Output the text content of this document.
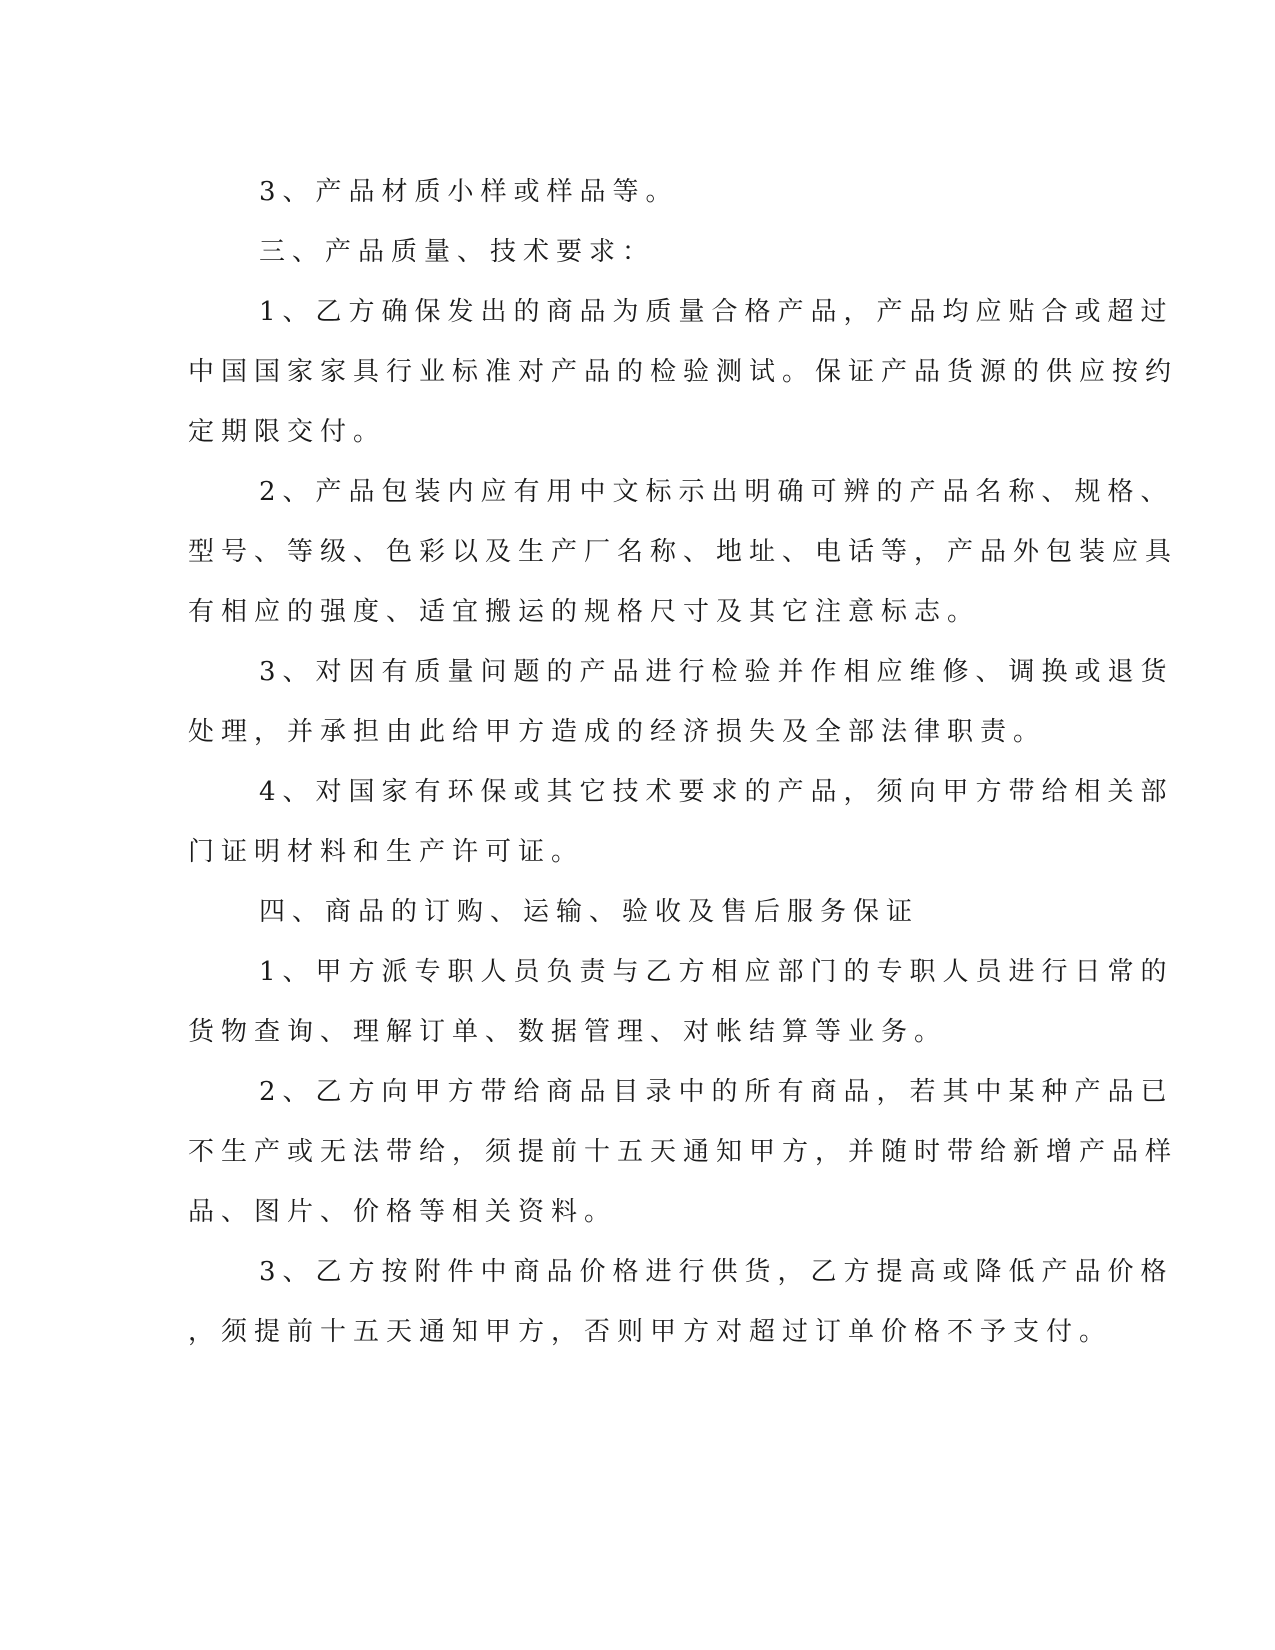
3、产品材质小样或样品等。
三、产品质量、技术要求：
1、乙方确保发出的商品为质量合格产品，产品均应贴合或超过
中国国家家具行业标准对产品的检验测试。保证产品货源的供应按约
定期限交付。
2、产品包装内应有用中文标示出明确可辨的产品名称、规格、
型号、等级、色彩以及生产厂名称、地址、电话等，产品外包装应具
有相应的强度、适宜搬运的规格尺寸及其它注意标志。
3、对因有质量问题的产品进行检验并作相应维修、调换或退货
处理，并承担由此给甲方造成的经济损失及全部法律职责。
4、对国家有环保或其它技术要求的产品，须向甲方带给相关部
门证明材料和生产许可证。
四、商品的订购、运输、验收及售后服务保证
1、甲方派专职人员负责与乙方相应部门的专职人员进行日常的
货物查询、理解订单、数据管理、对帐结算等业务。
2、乙方向甲方带给商品目录中的所有商品，若其中某种产品已
不生产或无法带给，须提前十五天通知甲方，并随时带给新增产品样
品、图片、价格等相关资料。
3、乙方按附件中商品价格进行供货，乙方提高或降低产品价格
，须提前十五天通知甲方，否则甲方对超过订单价格不予支付。
